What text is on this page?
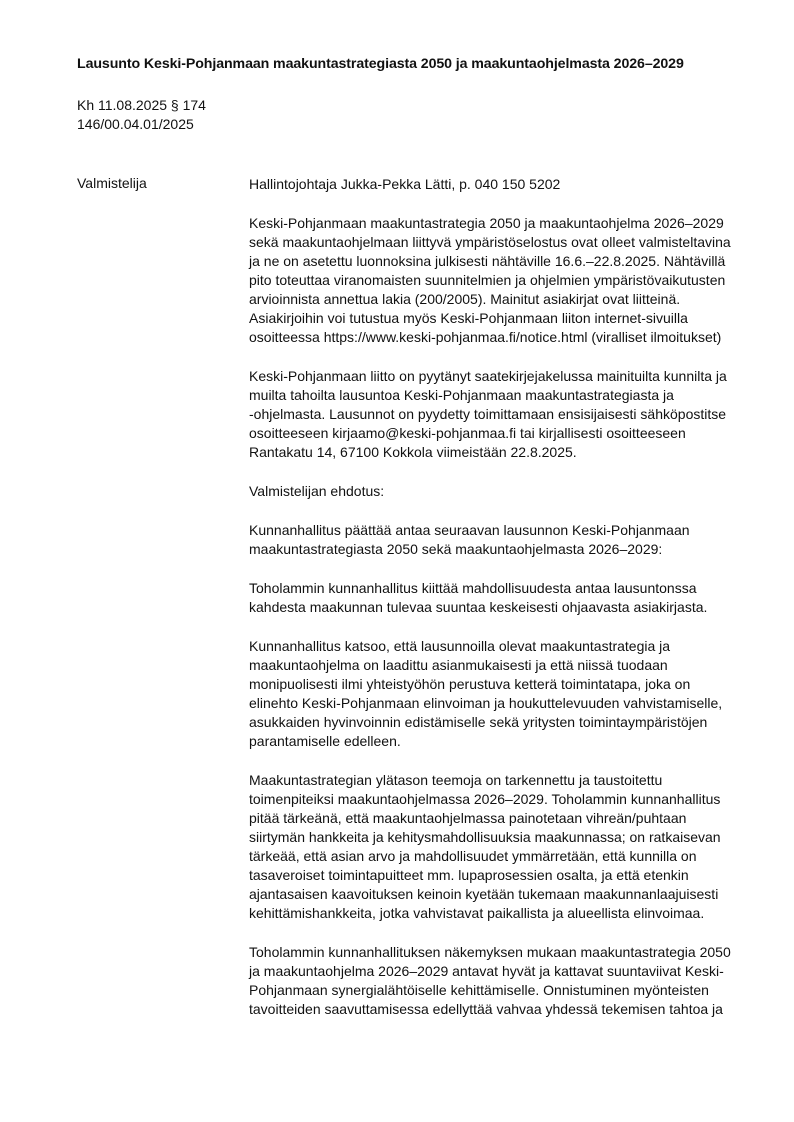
Lausunto Keski-Pohjanmaan maakuntastrategiasta 2050 ja maakuntaohjelmasta 2026–2029
Kh 11.08.2025 § 174
146/00.04.01/2025
Valmistelija	Hallintojohtaja Jukka-Pekka Lätti, p. 040 150 5202

Keski-Pohjanmaan maakuntastrategia 2050 ja maakuntaohjelma 2026–2029
sekä maakuntaohjelmaan liittyvä ympäristöselostus ovat olleet valmisteltavina
ja ne on asetettu luonnoksina julkisesti nähtäville 16.6.–22.8.2025. Nähtävillä
pito toteuttaa viranomaisten suunnitelmien ja ohjelmien ympäristövaikutusten
arvioinnista annettua lakia (200/2005). Mainitut asiakirjat ovat liitteinä.
Asiakirjoihin voi tutustua myös Keski-Pohjanmaan liiton internet-sivuilla
osoitteessa https://www.keski-pohjanmaa.fi/notice.html (viralliset ilmoitukset)

Keski-Pohjanmaan liitto on pyytänyt saatekirjejakelussa mainituilta kunnilta ja
muilta tahoilta lausuntoa Keski-Pohjanmaan maakuntastrategiasta ja
-ohjelmasta. Lausunnot on pyydetty toimittamaan ensisijaisesti sähköpostitse
osoitteeseen kirjaamo@keski-pohjanmaa.fi tai kirjallisesti osoitteeseen
Rantakatu 14, 67100 Kokkola viimeistään 22.8.2025.

Valmistelijan ehdotus:

Kunnanhallitus päättää antaa seuraavan lausunnon Keski-Pohjanmaan
maakuntastrategiasta 2050 sekä maakuntaohjelmasta 2026–2029:

Toholammin kunnanhallitus kiittää mahdollisuudesta antaa lausuntonssa
kahdesta maakunnan tulevaa suuntaa keskeisesti ohjaavasta asiakirjasta.

Kunnanhallitus katsoo, että lausunnoilla olevat maakuntastrategia ja
maakuntaohjelma on laadittu asianmukaisesti ja että niissä tuodaan
monipuolisesti ilmi yhteistyöhön perustuva ketterä toimintatapa, joka on
elinehto Keski-Pohjanmaan elinvoiman ja houkuttelevuuden vahvistamiselle,
asukkaiden hyvinvoinnin edistämiselle sekä yritysten toimintaympäristöjen
parantamiselle edelleen.

Maakuntastrategian ylätason teemoja on tarkennettu ja taustoitettu
toimenpiteiksi maakuntaohjelmassa 2026–2029. Toholammin kunnanhallitus
pitää tärkeänä, että maakuntaohjelmassa painotetaan vihreän/puhtaan
siirtymän hankkeita ja kehitysmahdollisuuksia maakunnassa; on ratkaisevan
tärkeää, että asian arvo ja mahdollisuudet ymmärretään, että kunnilla on
tasaveroiset toimintapuitteet mm. lupaprosessien osalta, ja että etenkin
ajantasaisen kaavoituksen keinoin kyetään tukemaan maakunnanlaajuisesti
kehittämishankkeita, jotka vahvistavat paikallista ja alueellista elinvoimaa.

Toholammin kunnanhallituksen näkemyksen mukaan maakuntastrategia 2050
ja maakuntaohjelma 2026–2029 antavat hyvät ja kattavat suuntaviivat Keski-
Pohjanmaan synergialähtöiselle kehittämiselle. Onnistuminen myönteisten
tavoitteiden saavuttamisessa edellyttää vahvaa yhdessä tekemisen tahtoa ja
